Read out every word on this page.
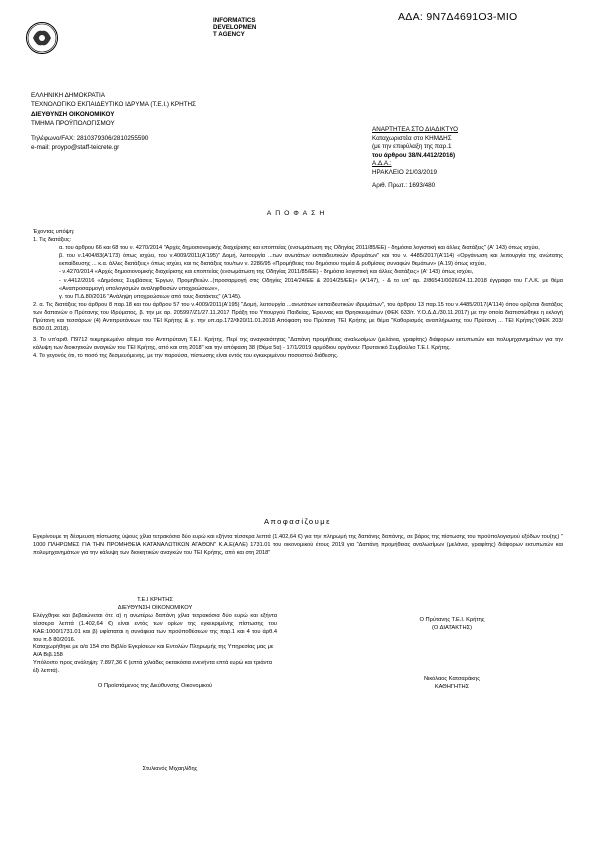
ΑΔΑ: 9Ν7Δ4691Ο3-ΜΙΟ
INFORMATICS
DEVELOPMEN
T AGENCY
ΕΛΛΗΝΙΚΗ ΔΗΜΟΚΡΑΤΙΑ
ΤΕΧΝΟΛΟΓΙΚΟ ΕΚΠΑΙΔΕΥΤΙΚΟ ΙΔΡΥΜΑ (Τ.Ε.Ι.) ΚΡΗΤΗΣ
ΔΙΕΥΘΥΝΣΗ ΟΙΚΟΝΟΜΙΚΟΥ
ΤΜΗΜΑ ΠΡΟΫΠΟΛΟΓΙΣΜΟΥ
Τηλέφωνο/FAX: 2810379306/2810255590
e-mail: proypo@staff-teicrete.gr
ΑΝΑΡΤΗΤΕΑ ΣΤΟ ΔΙΑΔΙΚΤΥΟ
Καταχωριστέα στο ΚΗΜΔΗΣ
(με την επιφύλαξη της παρ.1
του άρθρου 38/Ν.4412/2016)
Α.Δ.Α.:
ΗΡΑΚΛΕΙΟ 21/03/2019
Αριθ. Πρωτ.: 1693/480
ΑΠΟΦΑΣΗ

Έχοντας υπόψη:

1. Τις διατάξεις:

α. του άρθρου 66 και 68 του ν. 4270/2014 "Αρχές δημοσιονομικής διαχείρισης και εποπτείας (ενσωμάτωση της Οδηγίας 2011/85/ΕΕ) - δημόσια λογιστική και άλλες διατάξεις" (Α' 143) όπως ισχύει,

β. του ν.1404/83(Α'173) όπως ισχύει, του ν.4009/2011(Α'195)" Δομή, λειτουργία ...των ανωτάτων εκπαιδευτικών ιδρυμάτων" και του ν. 4485/2017(Α'114) «Οργάνωση και λειτουργία της ανώτατης εκπαίδευσης ... κ.α. άλλες διατάξεις» όπως ισχύει, και τις διατάξεις του/των ν. 2286/95 «Προμήθειες του δημόσιου τομέα & ρυθμίσεις συναφών θεμάτων» (Α.19) όπως ισχύει,

- ν.4270/2014 «Αρχές δημοσιονομικής διαχείρισης και εποπτείας (ενσωμάτωση της Οδηγίας 2011/85/ΕΕ) - δημόσια λογιστική και άλλες διατάξεις» (Α' 143) όπως ισχύει,

- ν.4412/2016 «Δημόσιες Συμβάσεις Έργων, Προμηθειών...(προσαρμογή στις Οδηγίες 2014/24/ΕΕ & 2014/25/ΕΕ)» (Α'147), - & το υπ' αρ. 2/86541/0026/24.11.2018 έγγραφο του Γ.Λ.Κ. με θέμα «Αναπροσαρμογή υπολογισμών αναληφθεισών υποχρεώσεων»,

γ. του Π.Δ.80/2016 "Ανάληψη υποχρεώσεων από τους διατάκτες" (Α'145).

2. α. Τις διατάξεις του άρθρου 8 παρ.18 και του άρθρου 57 του ν.4009/2011(Α'195) "Δομή, λειτουργία ...ανωτάτων εκπαιδευτικών ιδρυμάτων", του άρθρου 13 παρ.15 του ν.4485/2017(Α'114) όπου ορίζεται διατάξεις των δαπανών ο Πρύτανης του Ιδρύματος, β. την με αρ. 205997/Ζ1/27.11.2017 Πράξη του Υπουργού Παιδείας, Έρευνας και Θρησκευμάτων (ΦΕΚ 633/τ. Υ.Ο.Δ.Δ./30.11.2017) με την οποία διαπιστώθηκε η εκλογή Πρύτανη και τεσσάρων (4) Αντιπρυτάνεων του ΤΕΙ Κρήτης & γ. την υπ.αρ.172/Φ20/11.01.2018 Απόφαση του Πρύτανη ΤΕΙ Κρήτης με θέμα "Καθορισμός αναπλήρωσης του Πρύτανη ... ΤΕΙ Κρήτης"(ΦΕΚ 203/Β/30.01.2018).

3. Το υπ'αριθ. Π9712 τεκμηριωμένο αίτημα του Αντιπρύτανη Τ.Ε.Ι. Κρήτης. Περί της αναγκαιότητας "Δαπάνη προμήθειας αναλωσίμων (μελάνια, γραφίτης) διάφορων εκτυπωτών και πολυμηχανημάτων για την κάλυψη των διοικητικών αναγκών του ΤΕΙ Κρήτης, από και στη 2018" και την απόφαση 38 (Θέμα 5α) - 17/1/2019 αρμόδιου οργάνου: Πρυτανικό Συμβούλιο Τ.Ε.Ι. Κρήτης.

4. Το γεγονός ότι, το ποσό της δεσμευόμενης, με την παρούσα, πίστωσης είναι εντός του εγκεκριμένου ποσοστού διάθεσης.

Αποφασίζουμε
Εγκρίνουμε τη δέσμευση πίστωσης ύψους χίλια τετρακόσια δύο ευρώ και εξήντα τέσσερα λεπτά (1.402,64 €) για την πληρωμή της δαπάνης δαπάνης, σε βάρος της πίστωσης του προϋπολογισμού εξόδων του(ης) " 1000 ΠΛΗΡΩΜΕΣ ΓΙΑ ΤΗΝ ΠΡΟΜΗΘΕΙΑ ΚΑΤΑΝΑΛΩΤΙΚΩΝ ΑΓΑΘΩΝ" Κ.Α.Ε(ΑΛΕ) 1731.01 του οικονομικού έτους 2019 για "Δαπάνη προμήθειας αναλωσίμων (μελάνια, γραφίτης) διάφορων εκτυπωτών και πολυμηχανημάτων για την κάλυψη των διοικητικών αναγκών του ΤΕΙ Κρήτης, από και στη 2018"
Τ.Ε.Ι ΚΡΗΤΗΣ
ΔΙΕΥΘΥΝΣΗ ΟΙΚΟΝΟΜΙΚΟΥ

Ελέγχθηκε και βεβαιώνεται ότι: α) η ανωτέρω δαπάνη χίλια τετρακόσια δύο ευρώ και εξήντα τέσσερα λεπτά (1.402,64 €) είναι εντός των ορίων της εγκεκριμένης πίστωσης του ΚΑΕ:1000/1731.01 και β) υφίσταται η συνάφεια των προϋποθέσεων της παρ.1 και 4 του άρθ.4 του π.δ 80/2016.

Καταχωρήθηκε με α/α 154 στο Βιβλίο Εγκρίσεων και Εντολών Πληρωμής της Υπηρεσίας μας με Α/Α Βιβ.158

Υπόλοιπο προς ανάληψη: 7.897,36 € (επτά χιλιάδες οκτακόσια ενενήντα επτά ευρώ και τριάντα έξι λεπτά).

Ο Προϊστάμενος της Διεύθυνσης Οικονομικού
Στυλιανός Μιχαηλίδης
Ο Πρύτανης Τ.Ε.Ι. Κρήτης
(Ο ΔΙΑΤΑΚΤΗΣ)
Νικόλαος Κατσαράκης
ΚΑΘΗΓΗΤΗΣ
